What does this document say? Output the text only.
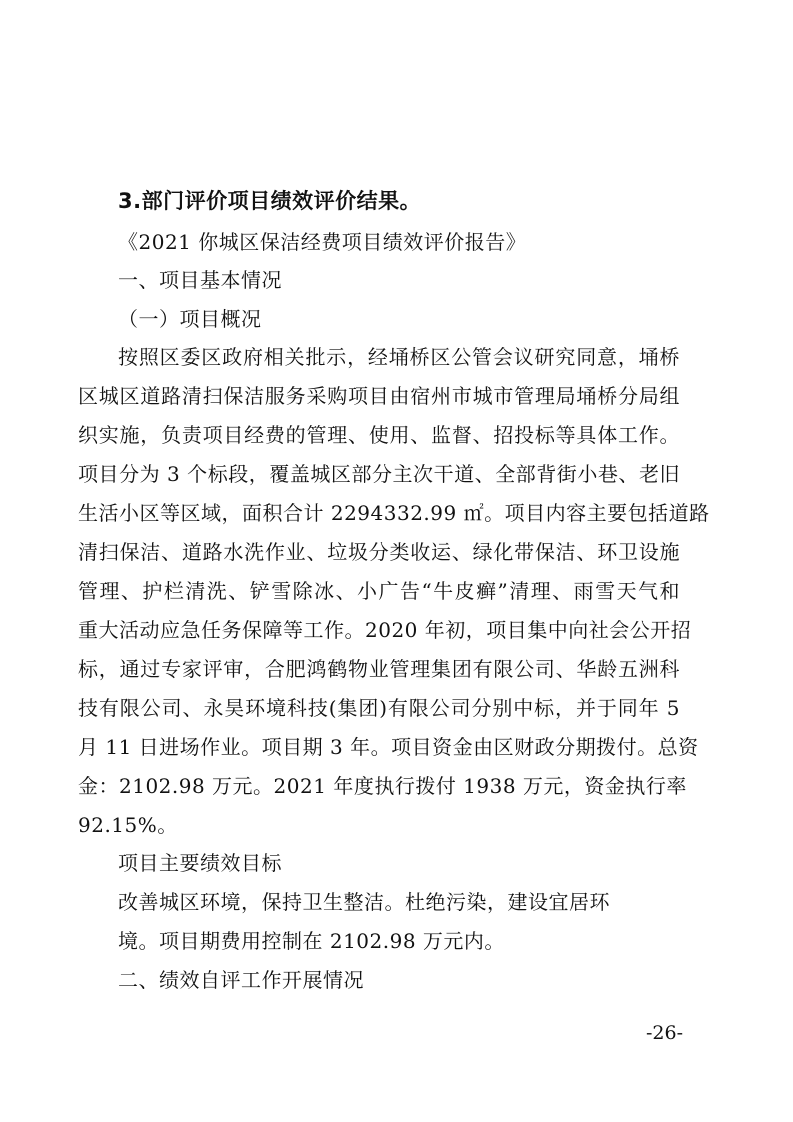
3.部门评价项目绩效评价结果。
《2021 你城区保洁经费项目绩效评价报告》
一、项目基本情况
（一）项目概况
按照区委区政府相关批示，经埇桥区公管会议研究同意，埇桥
区城区道路清扫保洁服务采购项目由宿州市城市管理局埇桥分局组
织实施，负责项目经费的管理、使用、监督、招投标等具体工作。
项目分为 3 个标段，覆盖城区部分主次干道、全部背街小巷、老旧
生活小区等区域，面积合计 2294332.99 ㎡。项目内容主要包括道路
清扫保洁、道路水洗作业、垃圾分类收运、绿化带保洁、环卫设施
管理、护栏清洗、铲雪除冰、小广告“牛皮癣”清理、雨雪天气和
重大活动应急任务保障等工作。2020 年初，项目集中向社会公开招
标，通过专家评审，合肥鸿鹤物业管理集团有限公司、华龄五洲科
技有限公司、永昊环境科技(集团)有限公司分别中标，并于同年 5
月 11 日进场作业。项目期 3 年。项目资金由区财政分期拨付。总资
金：2102.98 万元。2021 年度执行拨付 1938 万元，资金执行率
92.15%。
项目主要绩效目标
改善城区环境，保持卫生整洁。杜绝污染，建设宜居环
境。项目期费用控制在 2102.98 万元内。
二、绩效自评工作开展情况
-26-
